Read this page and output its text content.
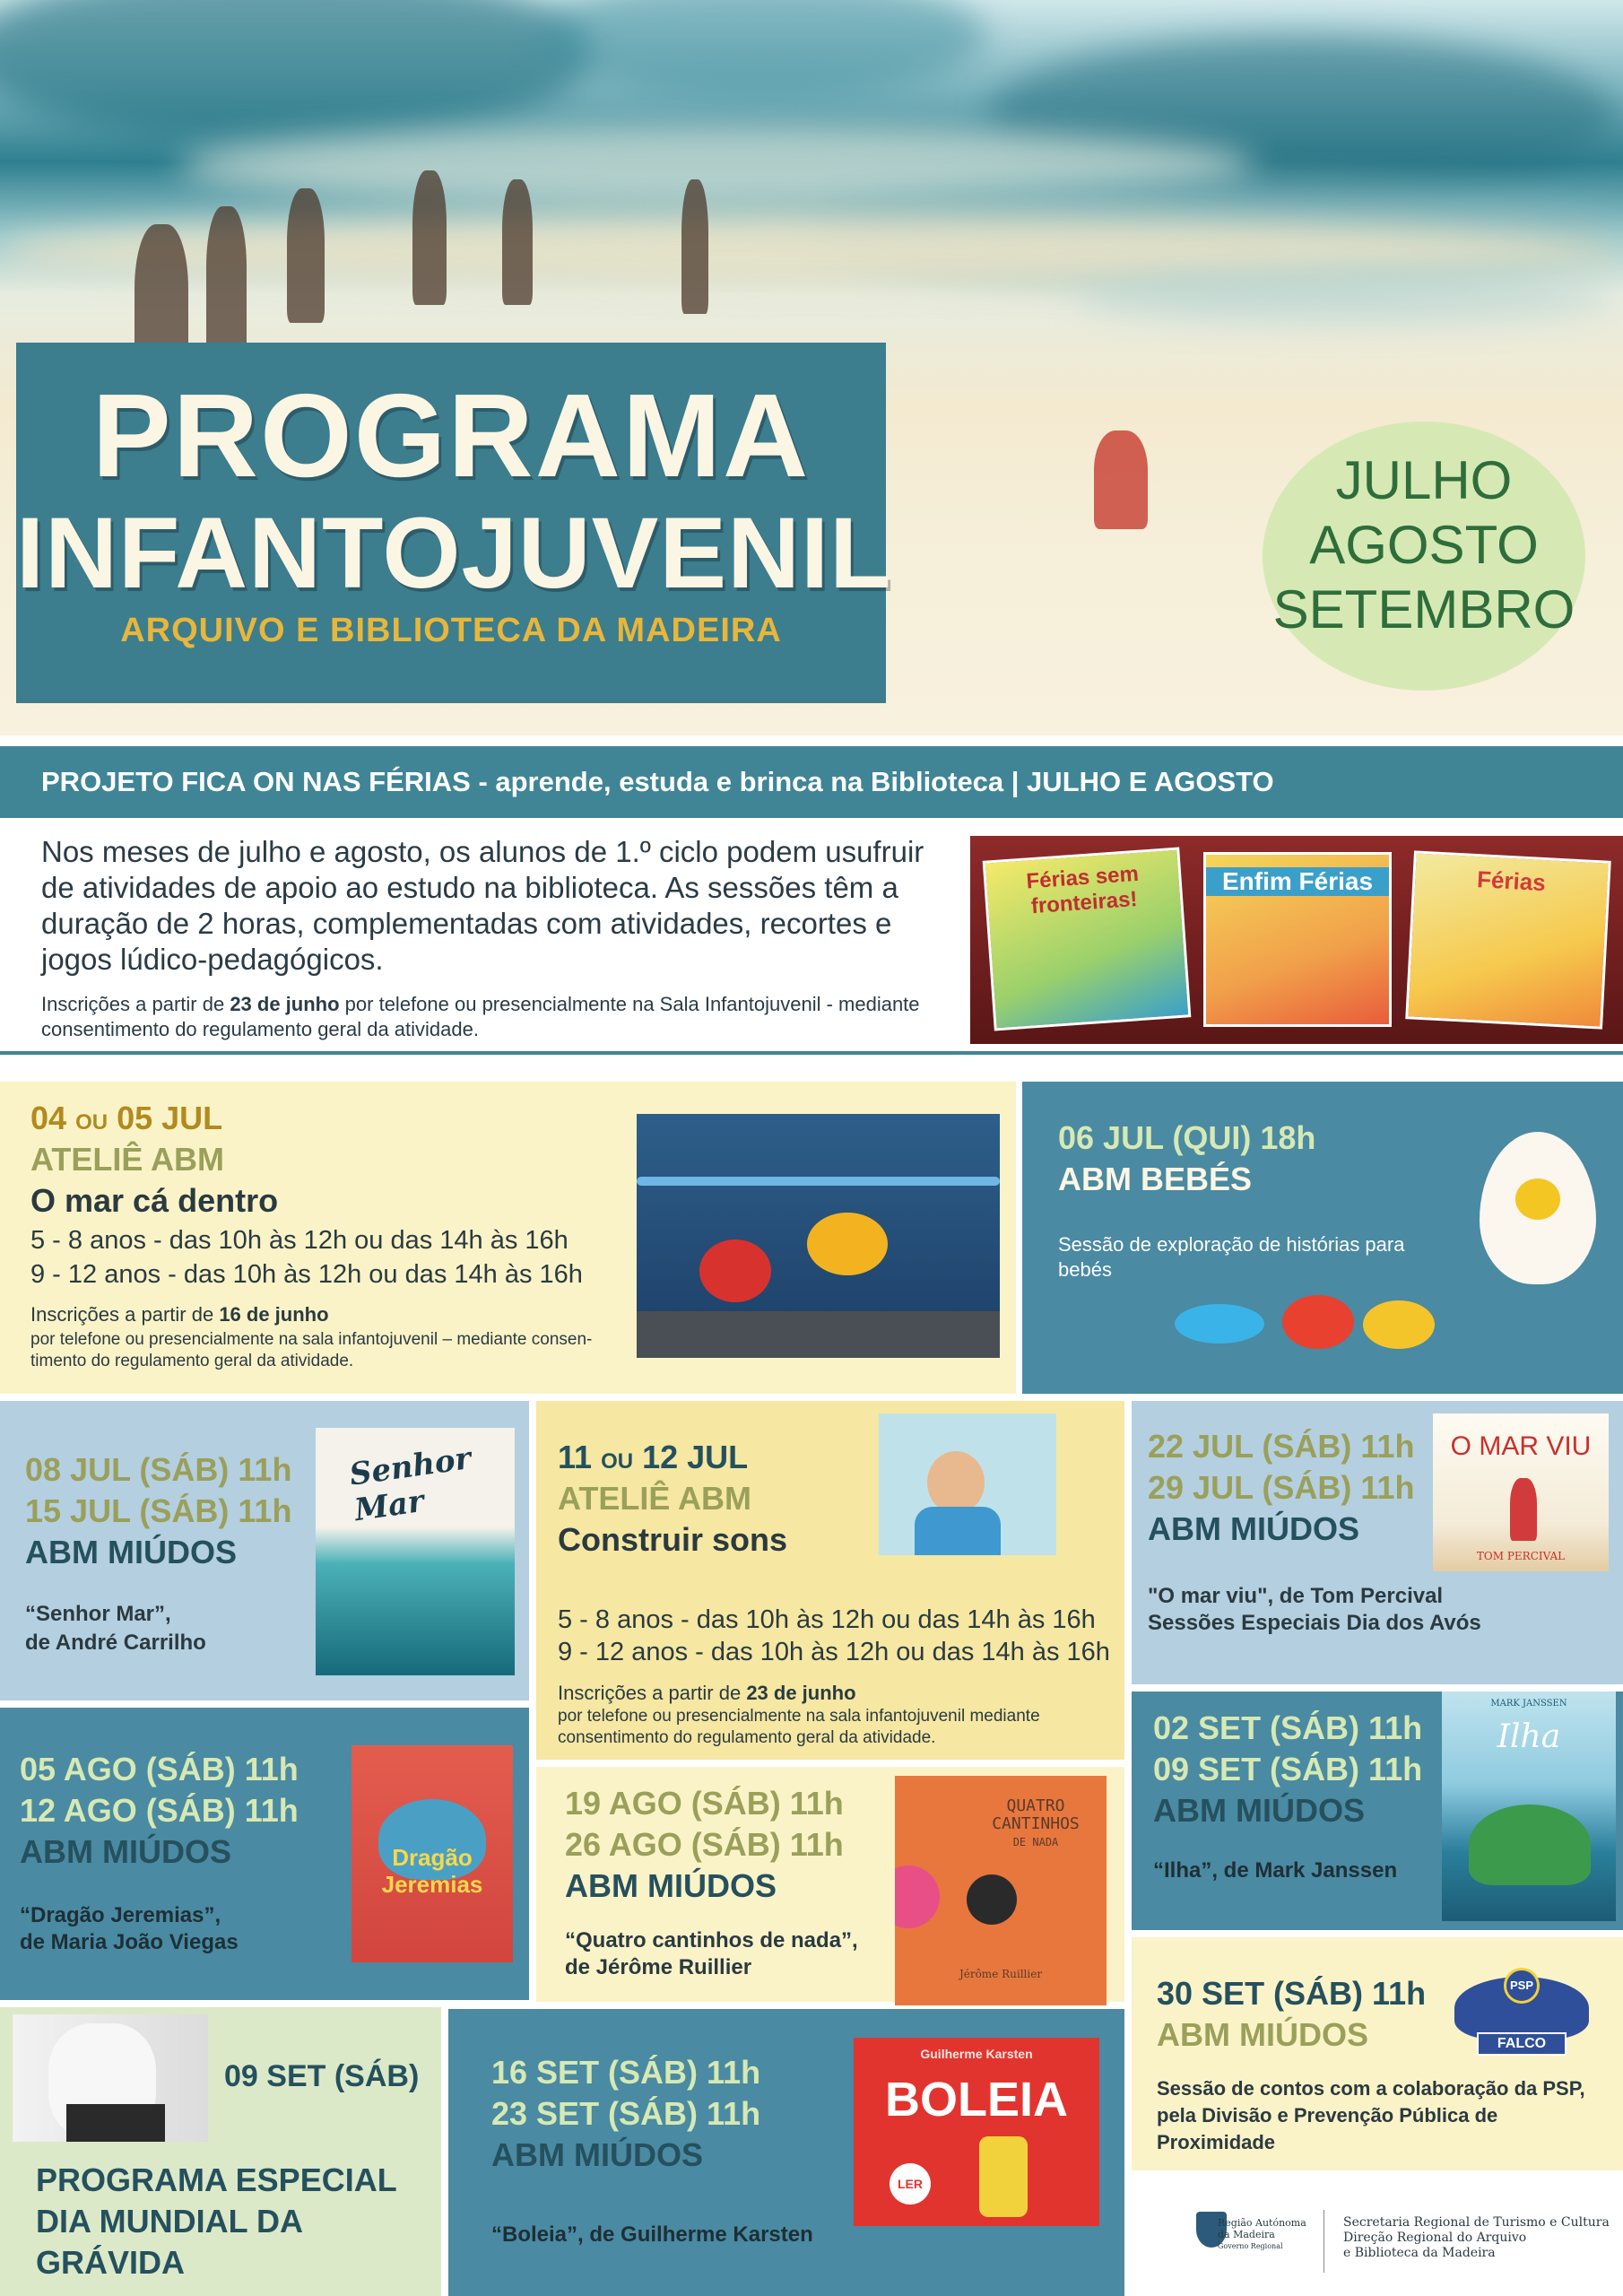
PROGRAMA
INFANTOJUVENIL
ARQUIVO E BIBLIOTECA DA MADEIRA
JULHO
AGOSTO
SETEMBRO
PROJETO FICA ON NAS FÉRIAS - aprende, estuda e brinca na Biblioteca | JULHO E AGOSTO
Nos meses de julho e agosto, os alunos de 1.º ciclo podem usufruir de atividades de apoio ao estudo na biblioteca. As sessões têm a duração de 2 horas, complementadas com atividades, recortes e jogos lúdico-pedagógicos.
Inscrições a partir de 23 de junho por telefone ou presencialmente na Sala Infantojuvenil - mediante consentimento do regulamento geral da atividade.
Férias sem fronteiras!
Enfim Férias	Férias
04 OU 05 JUL
ATELIÊ ABM
O mar cá dentro
5 - 8 anos - das 10h às 12h ou das 14h às 16h
9 - 12 anos - das 10h às 12h ou das 14h às 16h
Inscrições a partir de 16 de junho
por telefone ou presencialmente na sala infantojuvenil – mediante consen-timento do regulamento geral da atividade.
06 JUL (QUI) 18h
ABM BEBÉS
Sessão de exploração de histórias para bebés
08 JUL (SÁB) 11h
15 JUL (SÁB) 11h
ABM MIÚDOS
“Senhor Mar”,
de André Carrilho
Senhor Mar
11 OU 12 JUL
ATELIÊ ABM
Construir sons
5 - 8 anos - das 10h às 12h ou das 14h às 16h
9 - 12 anos - das 10h às 12h ou das 14h às 16h
Inscrições a partir de 23 de junho
por telefone ou presencialmente na sala infantojuvenil mediante consentimento do regulamento geral da atividade.
22 JUL (SÁB) 11h
29 JUL (SÁB) 11h
ABM MIÚDOS
"O mar viu", de Tom Percival
Sessões Especiais Dia dos Avós
O MAR VIU
TOM PERCIVAL
05 AGO (SÁB) 11h
12 AGO (SÁB) 11h
ABM MIÚDOS
“Dragão Jeremias”,
de Maria João Viegas
Dragão Jeremias
19 AGO (SÁB) 11h
26 AGO (SÁB) 11h
ABM MIÚDOS
“Quatro cantinhos de nada”,
de Jérôme Ruillier
QUATRO
CANTINHOS
DE NADA
Jérôme Ruillier
02 SET (SÁB) 11h
09 SET (SÁB) 11h
ABM MIÚDOS
“Ilha”, de Mark Janssen
MARK JANSSEN
Ilha
09 SET (SÁB)
PROGRAMA ESPECIAL
DIA MUNDIAL DA
GRÁVIDA
16 SET (SÁB) 11h
23 SET (SÁB) 11h
ABM MIÚDOS
“Boleia”, de Guilherme Karsten
Guilherme Karsten
BOLEIA
LER
30 SET (SÁB) 11h
ABM MIÚDOS
Sessão de contos com a colaboração da PSP, pela Divisão e Prevenção Pública de Proximidade
PSP
FALCO
Região Autónoma
da Madeira
Governo Regional
Secretaria Regional de Turismo e Cultura
Direção Regional do Arquivo
e Biblioteca da Madeira
